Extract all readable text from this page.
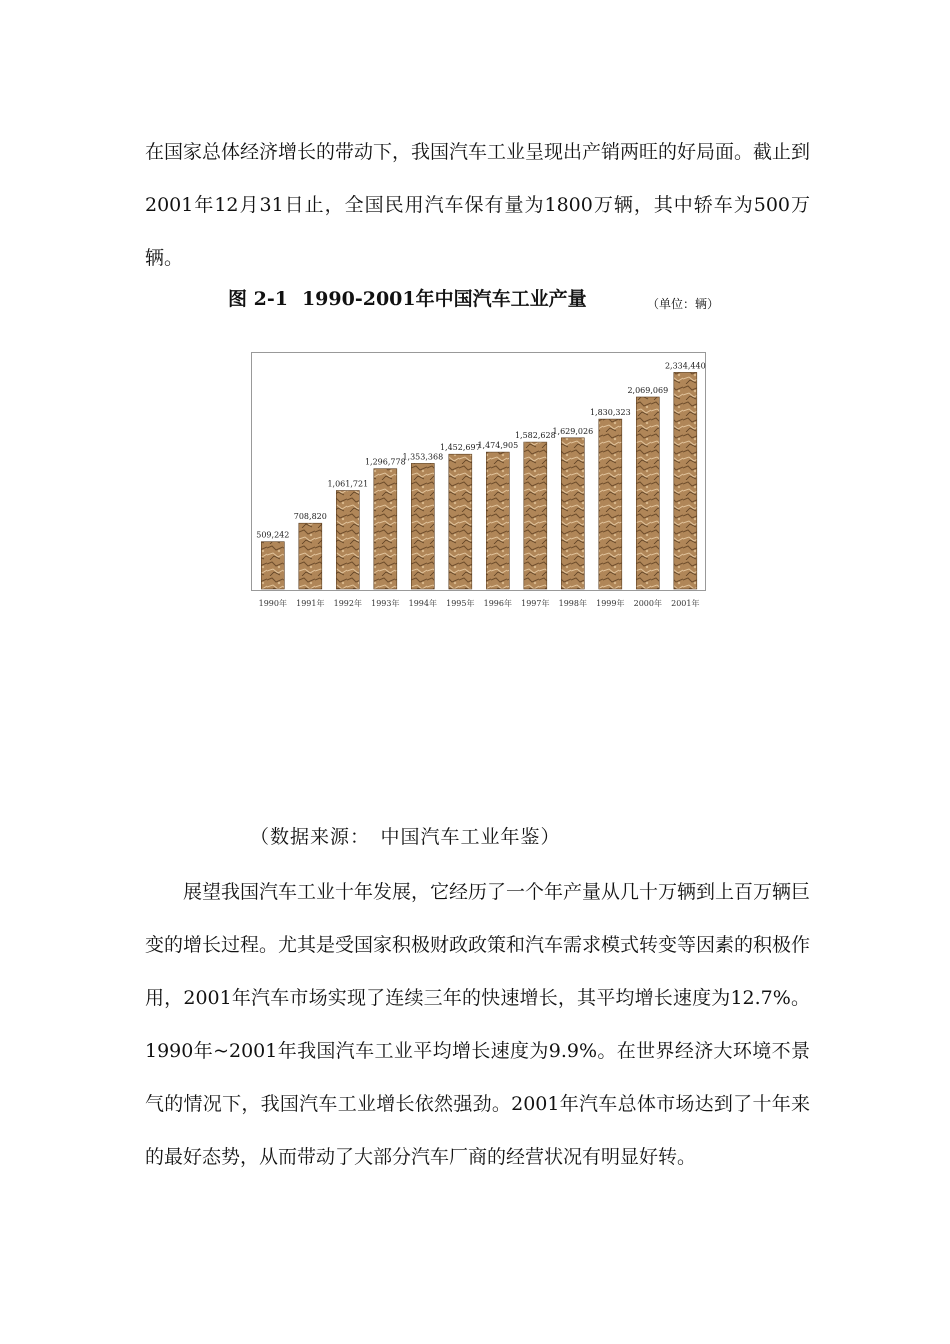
在国家总体经济增长的带动下，我国汽车工业呈现出产销两旺的好局面。截止到2001年12月31日止，全国民用汽车保有量为1800万辆，其中轿车为500万辆。

图 2-1 1990-2001年中国汽车工业产量	（单位：辆）
509,242
1990年
708,820
1991年
1,061,721
1992年
1,296,778
1993年
1,353,368
1994年
1,452,697
1995年
1,474,905
1996年
1,582,628
1997年
1,629,026
1998年
1,830,323
1999年
2,069,069
2000年
2,334,440
2001年
（数据来源：　中国汽车工业年鉴）

展望我国汽车工业十年发展，它经历了一个年产量从几十万辆到上百万辆巨变的增长过程。尤其是受国家积极财政政策和汽车需求模式转变等因素的积极作用，2001年汽车市场实现了连续三年的快速增长，其平均增长速度为12.7%。1990年~2001年我国汽车工业平均增长速度为9.9%。在世界经济大环境不景气的情况下，我国汽车工业增长依然强劲。2001年汽车总体市场达到了十年来的最好态势，从而带动了大部分汽车厂商的经营状况有明显好转。
